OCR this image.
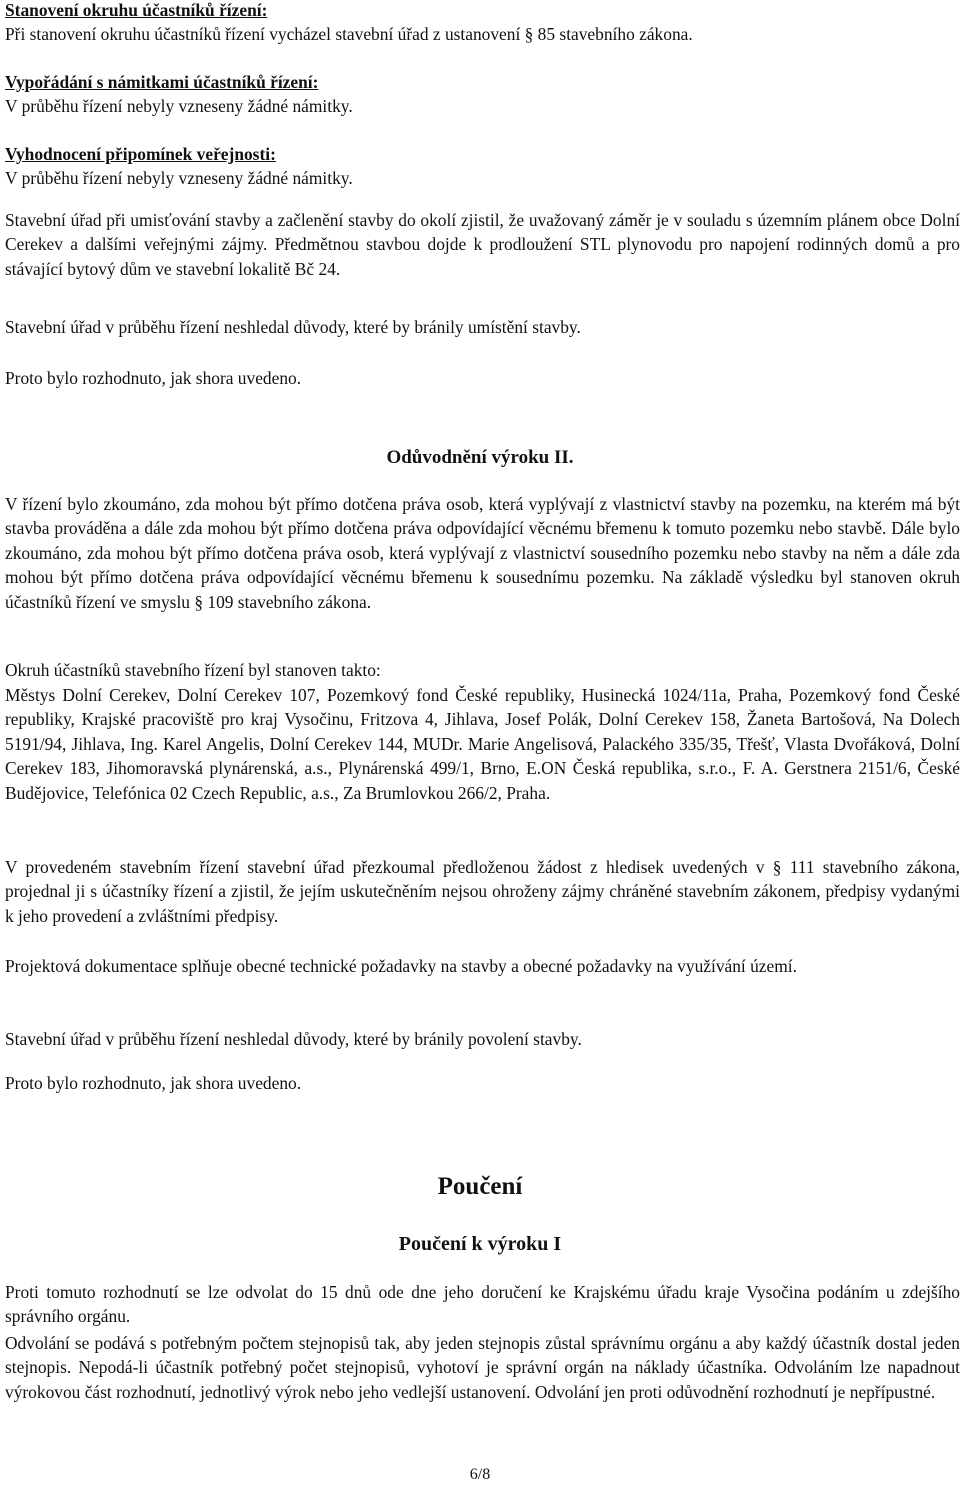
Stanovení okruhu účastníků řízení:
Při stanovení okruhu účastníků řízení vycházel stavební úřad z ustanovení § 85 stavebního zákona.
Vypořádání s námitkami účastníků řízení:
V průběhu řízení nebyly vzneseny žádné námitky.
Vyhodnocení připomínek veřejnosti:
V průběhu řízení nebyly vzneseny žádné námitky.
Stavební úřad při umisťování stavby a začlenění stavby do okolí zjistil, že uvažovaný záměr je v souladu s územním plánem obce Dolní Cerekev a dalšími veřejnými zájmy. Předmětnou stavbou dojde k prodloužení STL plynovodu pro napojení rodinných domů a pro stávající bytový dům ve stavební lokalitě Bč 24.
Stavební úřad v průběhu řízení neshledal důvody, které by bránily umístění stavby.
Proto bylo rozhodnuto, jak shora uvedeno.
Odůvodnění výroku II.
V řízení bylo zkoumáno, zda mohou být přímo dotčena práva osob, která vyplývají z vlastnictví stavby na pozemku, na kterém má být stavba prováděna a dále zda mohou být přímo dotčena práva odpovídající věcnému břemenu k tomuto pozemku nebo stavbě. Dále bylo zkoumáno, zda mohou být přímo dotčena práva osob, která vyplývají z vlastnictví sousedního pozemku nebo stavby na něm a dále zda mohou být přímo dotčena práva odpovídající věcnému břemenu k sousednímu pozemku. Na základě výsledku byl stanoven okruh účastníků řízení ve smyslu § 109 stavebního zákona.
Okruh účastníků stavebního řízení byl stanoven takto:
Městys Dolní Cerekev, Dolní Cerekev 107, Pozemkový fond České republiky, Husinecká 1024/11a, Praha, Pozemkový fond České republiky, Krajské pracoviště pro kraj Vysočinu, Fritzova 4, Jihlava, Josef Polák, Dolní Cerekev 158, Žaneta Bartošová, Na Dolech 5191/94, Jihlava, Ing. Karel Angelis, Dolní Cerekev 144, MUDr. Marie Angelisová, Palackého 335/35, Třešť, Vlasta Dvořáková, Dolní Cerekev 183, Jihomoravská plynárenská, a.s., Plynárenská 499/1, Brno, E.ON Česká republika, s.r.o., F. A. Gerstnera 2151/6, České Budějovice, Telefónica 02 Czech Republic, a.s., Za Brumlovkou 266/2, Praha.
V provedeném stavebním řízení stavební úřad přezkoumal předloženou žádost z hledisek uvedených v § 111 stavebního zákona, projednal ji s účastníky řízení a zjistil, že jejím uskutečněním nejsou ohroženy zájmy chráněné stavebním zákonem, předpisy vydanými k jeho provedení a zvláštními předpisy.
Projektová dokumentace splňuje obecné technické požadavky na stavby a obecné požadavky na využívání území.
Stavební úřad v průběhu řízení neshledal důvody, které by bránily povolení stavby.
Proto bylo rozhodnuto, jak shora uvedeno.
Poučení
Poučení k výroku I
Proti tomuto rozhodnutí se lze odvolat do 15 dnů ode dne jeho doručení ke Krajskému úřadu kraje Vysočina podáním u zdejšího správního orgánu.
Odvolání se podává s potřebným počtem stejnopisů tak, aby jeden stejnopis zůstal správnímu orgánu a aby každý účastník dostal jeden stejnopis. Nepodá-li účastník potřebný počet stejnopisů, vyhotoví je správní orgán na náklady účastníka. Odvoláním lze napadnout výrokovou část rozhodnutí, jednotlivý výrok nebo jeho vedlejší ustanovení. Odvolání jen proti odůvodnění rozhodnutí je nepřípustné.
6/8
